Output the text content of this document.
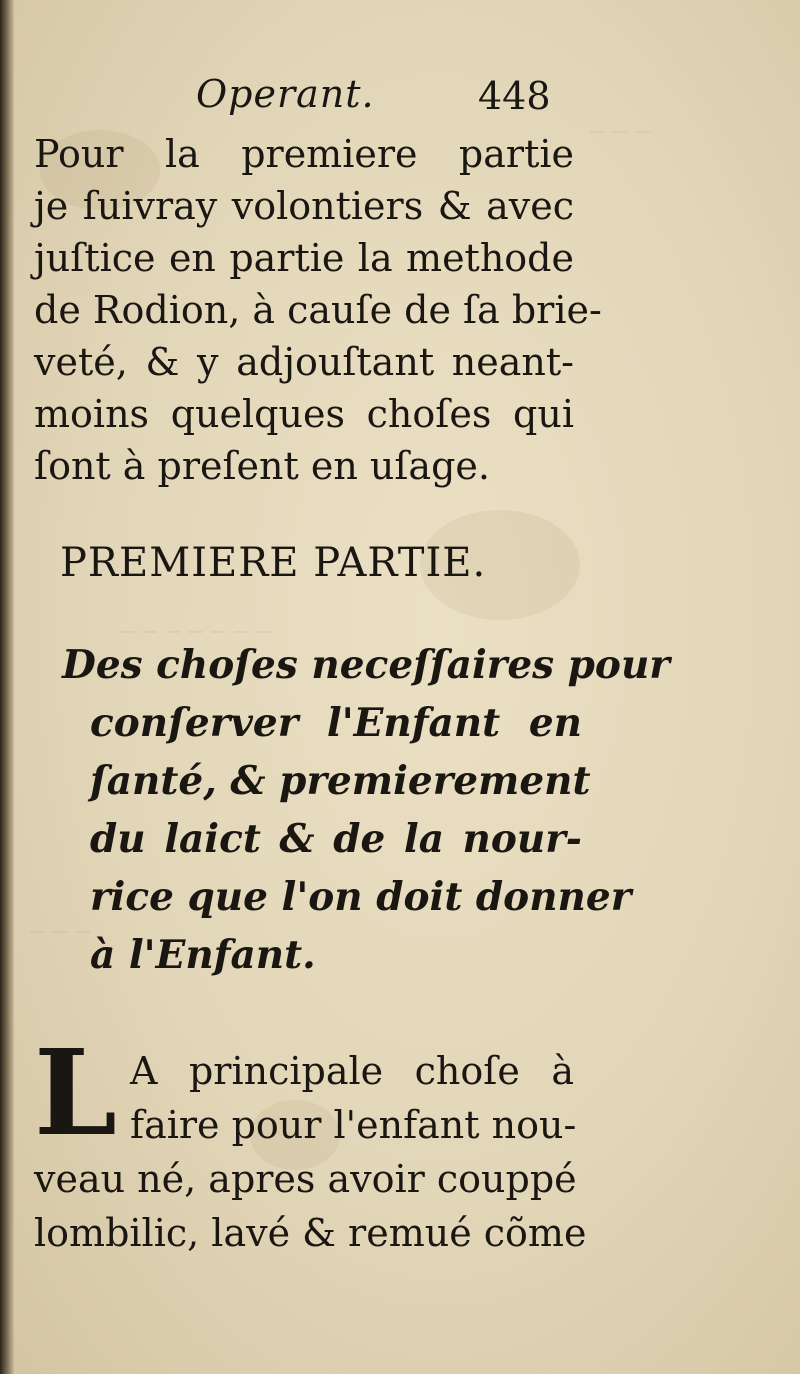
_ _ _
_ _ _ _ _ _ _
_ _ _
Operant.	448
Pour la premiere partie
je ſuivray volontiers & avec
juſtice en partie la methode
de Rodion, à cauſe de ſa brie-
veté, & y adjouſtant neant-
moins quelques choſes qui
ſont à preſent en uſage.
PREMIERE PARTIE.
Des choſes neceſſaires pour
conſerver l'Enfant en
ſanté, & premierement
du laict & de la nour-
rice que l'on doit donner
à l'Enfant.
L A principale choſe à
faire pour l'enfant nou-
veau né, apres avoir couppé
lombilic, lavé & remué cõme
